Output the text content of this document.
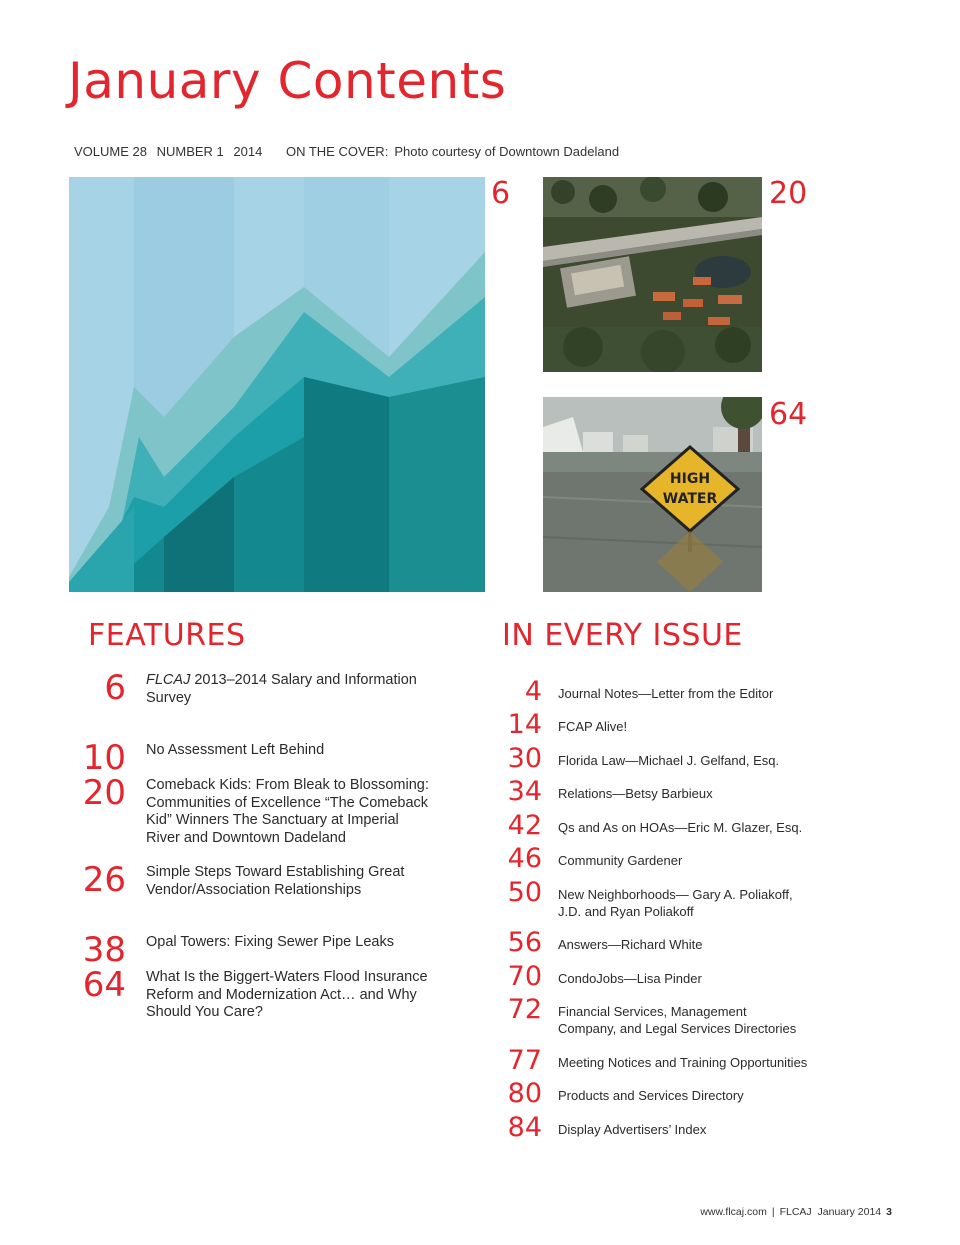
January Contents
VOLUME 28 NUMBER 1 2014 ON THE COVER: Photo courtesy of Downtown Dadeland
6	20
HIGH
WATER
64
FEATURES
6 FLCAJ 2013–2014 Salary and Information Survey
10 No Assessment Left Behind
20 Comeback Kids: From Bleak to Blossoming: Communities of Excellence “The Comeback Kid” Winners The Sanctuary at Imperial River and Downtown Dadeland
26 Simple Steps Toward Establishing Great Vendor/Association Relationships
38 Opal Towers: Fixing Sewer Pipe Leaks
64 What Is the Biggert-Waters Flood Insurance Reform and Modernization Act… and Why Should You Care?
IN EVERY ISSUE
4 Journal Notes—Letter from the Editor
14 FCAP Alive!
30 Florida Law—Michael J. Gelfand, Esq.
34 Relations—Betsy Barbieux
42 Qs and As on HOAs—Eric M. Glazer, Esq.
46 Community Gardener
50 New Neighborhoods— Gary A. Poliakoff, J.D. and Ryan Poliakoff
56 Answers—Richard White
70 CondoJobs—Lisa Pinder
72 Financial Services, Management Company, and Legal Services Directories
77 Meeting Notices and Training Opportunities
80 Products and Services Directory
84 Display Advertisers’ Index
www.flcaj.com | FLCAJ January 2014 3
